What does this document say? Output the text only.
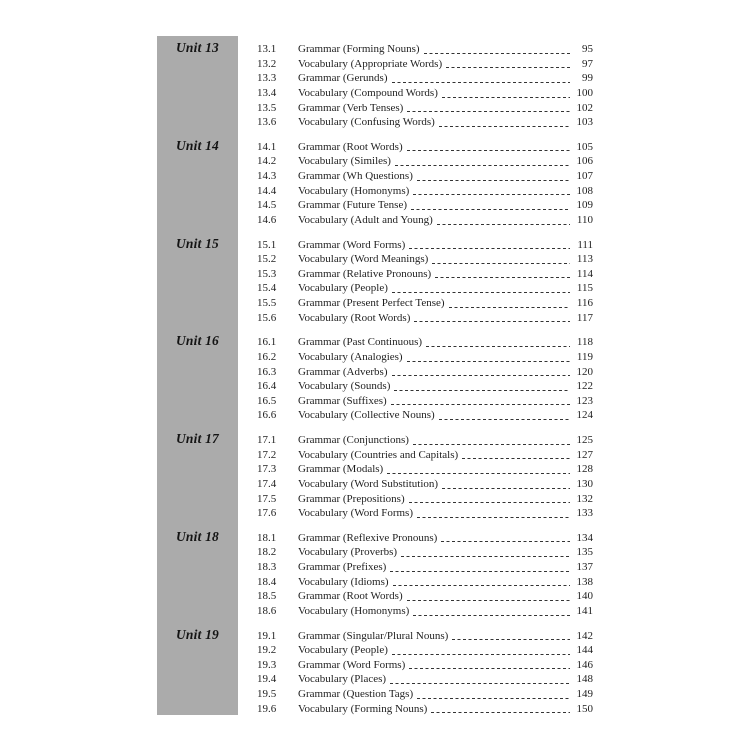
Unit 13	13.1	Grammar (Forming Nouns)	95
13.2	Vocabulary (Appropriate Words)	97
13.3	Grammar (Gerunds)	99
13.4	Vocabulary (Compound Words)	100
13.5	Grammar (Verb Tenses)	102
13.6	Vocabulary (Confusing Words)	103
Unit 14	14.1	Grammar (Root Words)	105
14.2	Vocabulary (Similes)	106
14.3	Grammar (Wh Questions)	107
14.4	Vocabulary (Homonyms)	108
14.5	Grammar (Future Tense)	109
14.6	Vocabulary (Adult and Young)	110
Unit 15	15.1	Grammar (Word Forms)	111
15.2	Vocabulary (Word Meanings)	113
15.3	Grammar (Relative Pronouns)	114
15.4	Vocabulary (People)	115
15.5	Grammar (Present Perfect Tense)	116
15.6	Vocabulary (Root Words)	117
Unit 16	16.1	Grammar (Past Continuous)	118
16.2	Vocabulary (Analogies)	119
16.3	Grammar (Adverbs)	120
16.4	Vocabulary (Sounds)	122
16.5	Grammar (Suffixes)	123
16.6	Vocabulary (Collective Nouns)	124
Unit 17	17.1	Grammar (Conjunctions)	125
17.2	Vocabulary (Countries and Capitals)	127
17.3	Grammar (Modals)	128
17.4	Vocabulary (Word Substitution)	130
17.5	Grammar (Prepositions)	132
17.6	Vocabulary (Word Forms)	133
Unit 18	18.1	Grammar (Reflexive Pronouns)	134
18.2	Vocabulary (Proverbs)	135
18.3	Grammar (Prefixes)	137
18.4	Vocabulary (Idioms)	138
18.5	Grammar (Root Words)	140
18.6	Vocabulary (Homonyms)	141
Unit 19	19.1	Grammar (Singular/Plural Nouns)	142
19.2	Vocabulary (People)	144
19.3	Grammar (Word Forms)	146
19.4	Vocabulary (Places)	148
19.5	Grammar (Question Tags)	149
19.6	Vocabulary (Forming Nouns)	150
